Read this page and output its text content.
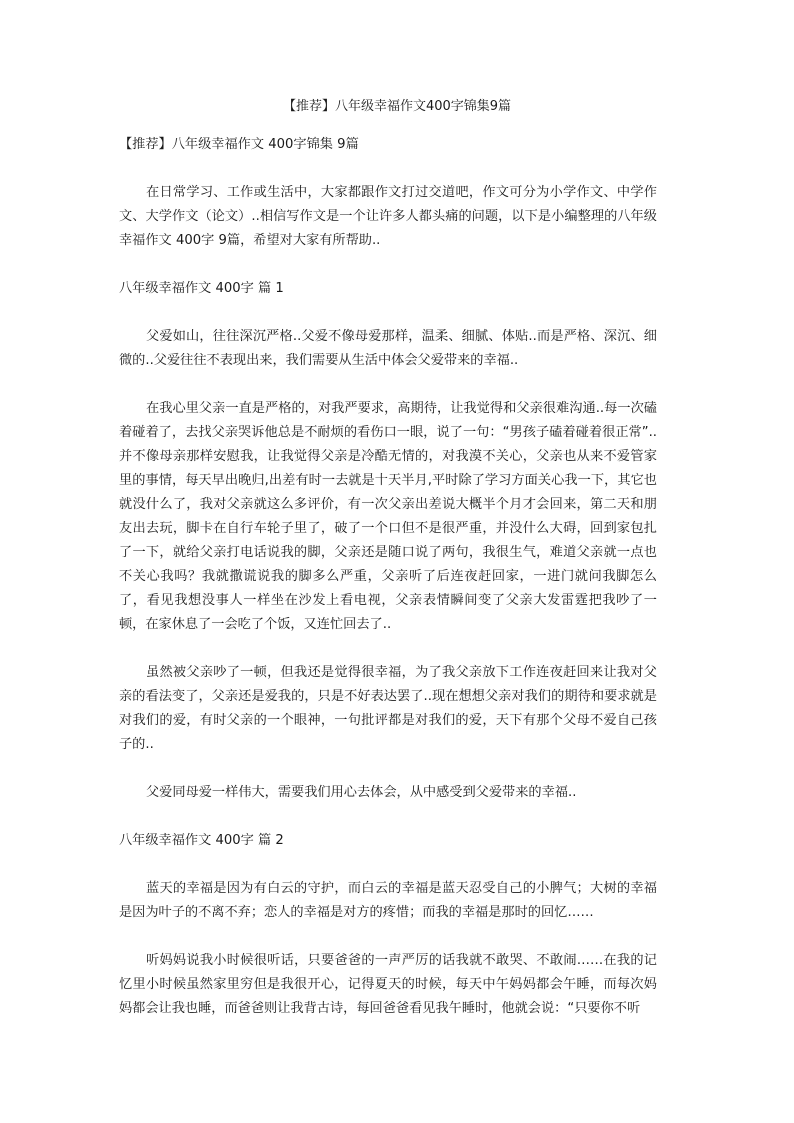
【推荐】八年级幸福作文400字锦集9篇
【推荐】八年级幸福作文 400字锦集 9篇

在日常学习、工作或生活中，大家都跟作文打过交道吧，作文可分为小学作文、中学作文、大学作文（论文）..相信写作文是一个让许多人都头痛的问题，以下是小编整理的八年级幸福作文 400字 9篇，希望对大家有所帮助..

八年级幸福作文 400字 篇 1

父爱如山，往往深沉严格..父爱不像母爱那样，温柔、细腻、体贴..而是严格、深沉、细微的..父爱往往不表现出来，我们需要从生活中体会父爱带来的幸福..

在我心里父亲一直是严格的，对我严要求，高期待，让我觉得和父亲很难沟通..每一次磕着碰着了，去找父亲哭诉他总是不耐烦的看伤口一眼，说了一句：“男孩子磕着碰着很正常”..并不像母亲那样安慰我，让我觉得父亲是冷酷无情的，对我漠不关心，父亲也从来不爱管家里的事情，每天早出晚归,出差有时一去就是十天半月,平时除了学习方面关心我一下，其它也就没什么了，我对父亲就这么多评价，有一次父亲出差说大概半个月才会回来，第二天和朋友出去玩，脚卡在自行车轮子里了，破了一个口但不是很严重，并没什么大碍，回到家包扎了一下，就给父亲打电话说我的脚，父亲还是随口说了两句，我很生气，难道父亲就一点也不关心我吗？我就撒谎说我的脚多么严重，父亲听了后连夜赶回家，一进门就问我脚怎么了，看见我想没事人一样坐在沙发上看电视，父亲表情瞬间变了父亲大发雷霆把我吵了一顿，在家休息了一会吃了个饭，又连忙回去了..

虽然被父亲吵了一顿，但我还是觉得很幸福，为了我父亲放下工作连夜赶回来让我对父亲的看法变了，父亲还是爱我的，只是不好表达罢了..现在想想父亲对我们的期待和要求就是对我们的爱，有时父亲的一个眼神，一句批评都是对我们的爱，天下有那个父母不爱自己孩子的..

父爱同母爱一样伟大，需要我们用心去体会，从中感受到父爱带来的幸福..

八年级幸福作文 400字 篇 2

蓝天的幸福是因为有白云的守护，而白云的幸福是蓝天忍受自己的小脾气；大树的幸福是因为叶子的不离不弃；恋人的幸福是对方的疼惜；而我的幸福是那时的回忆……

听妈妈说我小时候很听话，只要爸爸的一声严厉的话我就不敢哭、不敢闹……在我的记忆里小时候虽然家里穷但是我很开心，记得夏天的时候，每天中午妈妈都会午睡，而每次妈妈都会让我也睡，而爸爸则让我背古诗，每回爸爸看见我午睡时，他就会说：“只要你不听
